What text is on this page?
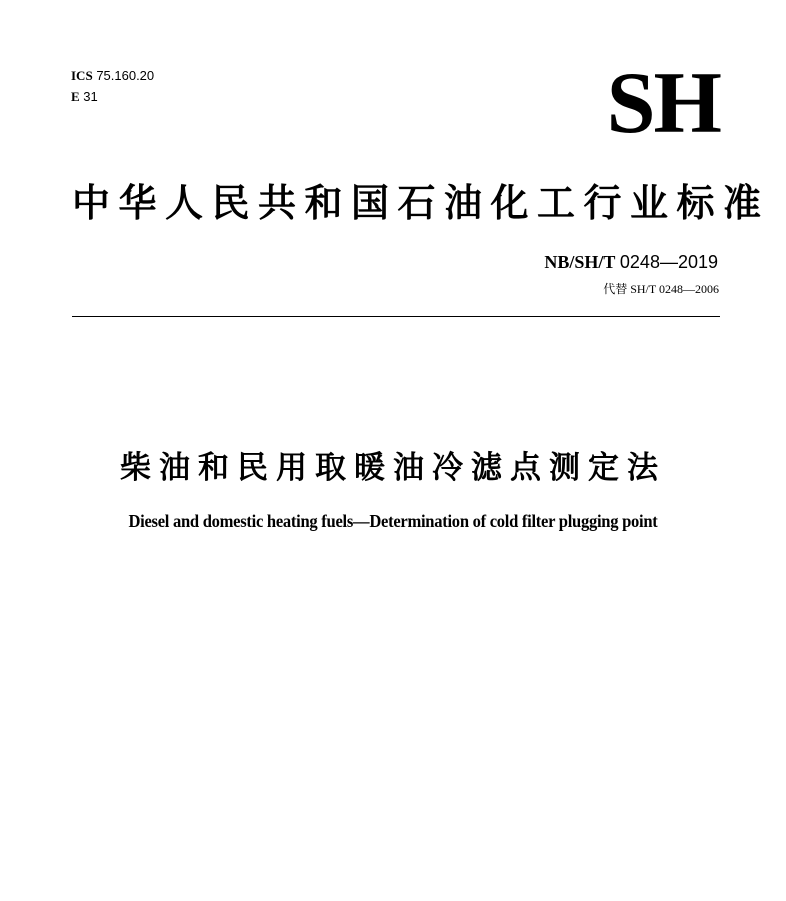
ICS 75.160.20
E 31	SH
中华人民共和国石油化工行业标准
NB/SH/T 0248—2019
代替 SH/T 0248—2006
柴油和民用取暖油冷滤点测定法
Diesel and domestic heating fuels—Determination of cold filter plugging point
